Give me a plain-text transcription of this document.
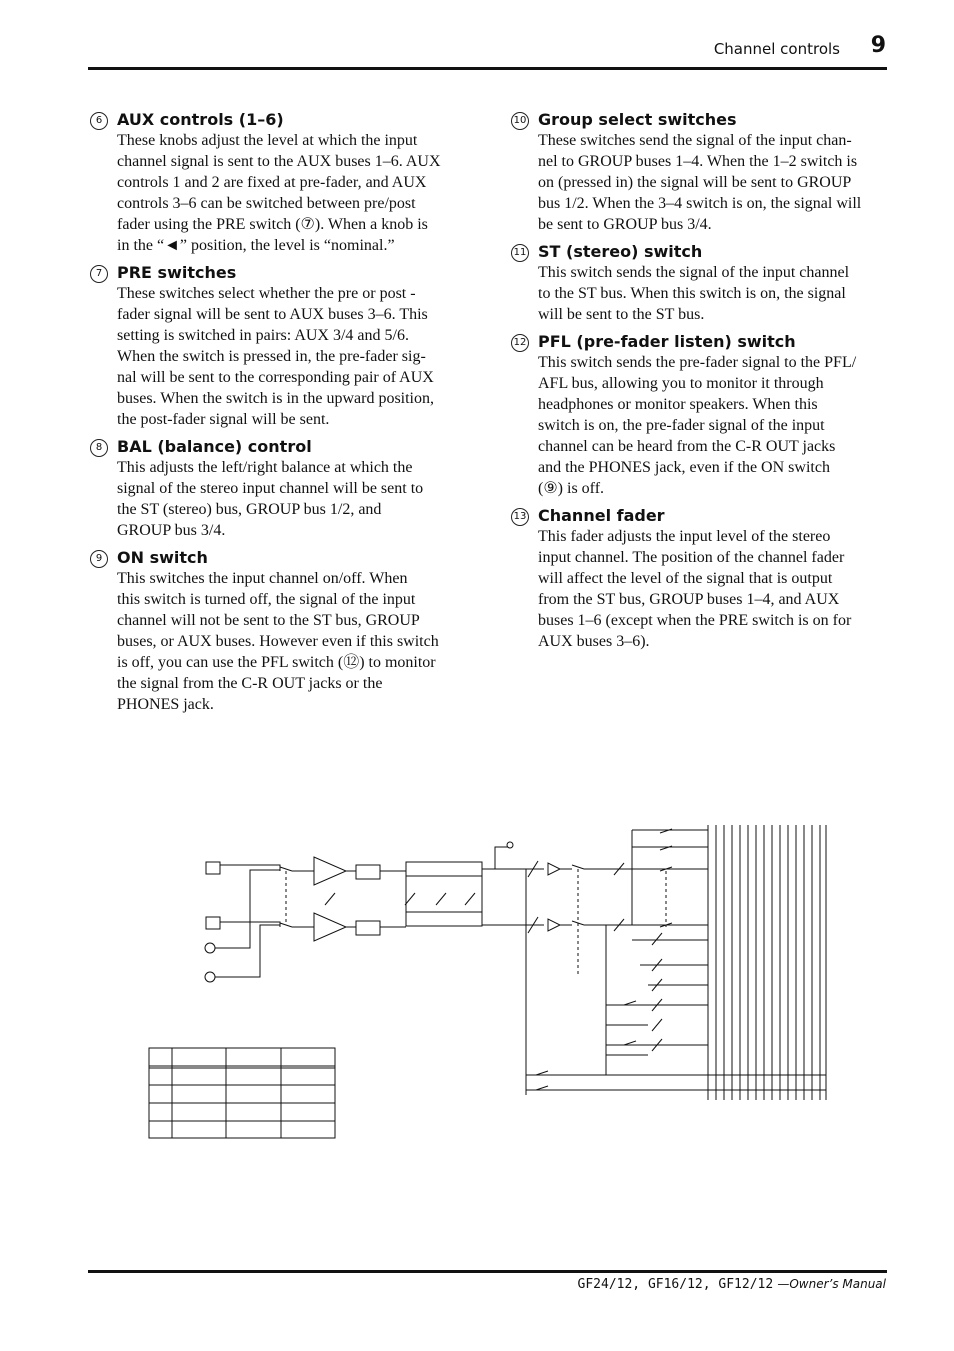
Channel controls 9
6 AUX controls (1–6)
These knobs adjust the level at which the input
channel signal is sent to the AUX buses 1–6. AUX
controls 1 and 2 are fixed at pre-fader, and AUX
controls 3–6 can be switched between pre/post
fader using the PRE switch (⑦). When a knob is
in the “◄” position, the level is “nominal.”
7 PRE switches
These switches select whether the pre or post -
fader signal will be sent to AUX buses 3–6. This
setting is switched in pairs: AUX 3/4 and 5/6.
When the switch is pressed in, the pre-fader sig-
nal will be sent to the corresponding pair of AUX
buses. When the switch is in the upward position,
the post-fader signal will be sent.
8 BAL (balance) control
This adjusts the left/right balance at which the
signal of the stereo input channel will be sent to
the ST (stereo) bus, GROUP bus 1/2, and
GROUP bus 3/4.
9 ON switch
This switches the input channel on/off. When
this switch is turned off, the signal of the input
channel will not be sent to the ST bus, GROUP
buses, or AUX buses. However even if this switch
is off, you can use the PFL switch (⑫) to monitor
the signal from the C-R OUT jacks or the
PHONES jack.
10 Group select switches
These switches send the signal of the input chan-
nel to GROUP buses 1–4. When the 1–2 switch is
on (pressed in) the signal will be sent to GROUP
bus 1/2. When the 3–4 switch is on, the signal will
be sent to GROUP bus 3/4.
11 ST (stereo) switch
This switch sends the signal of the input channel
to the ST bus. When this switch is on, the signal
will be sent to the ST bus.
12 PFL (pre-fader listen) switch
This switch sends the pre-fader signal to the PFL/
AFL bus, allowing you to monitor it through
headphones or monitor speakers. When this
switch is on, the pre-fader signal of the input
channel can be heard from the C-R OUT jacks
and the PHONES jack, even if the ON switch
(⑨) is off.
13 Channel fader
This fader adjusts the input level of the stereo
input channel. The position of the channel fader
will affect the level of the signal that is output
from the ST bus, GROUP buses 1–4, and AUX
buses 1–6 (except when the PRE switch is on for
AUX buses 3–6).
GF24/12, GF16/12, GF12/12 —Owner’s Manual
